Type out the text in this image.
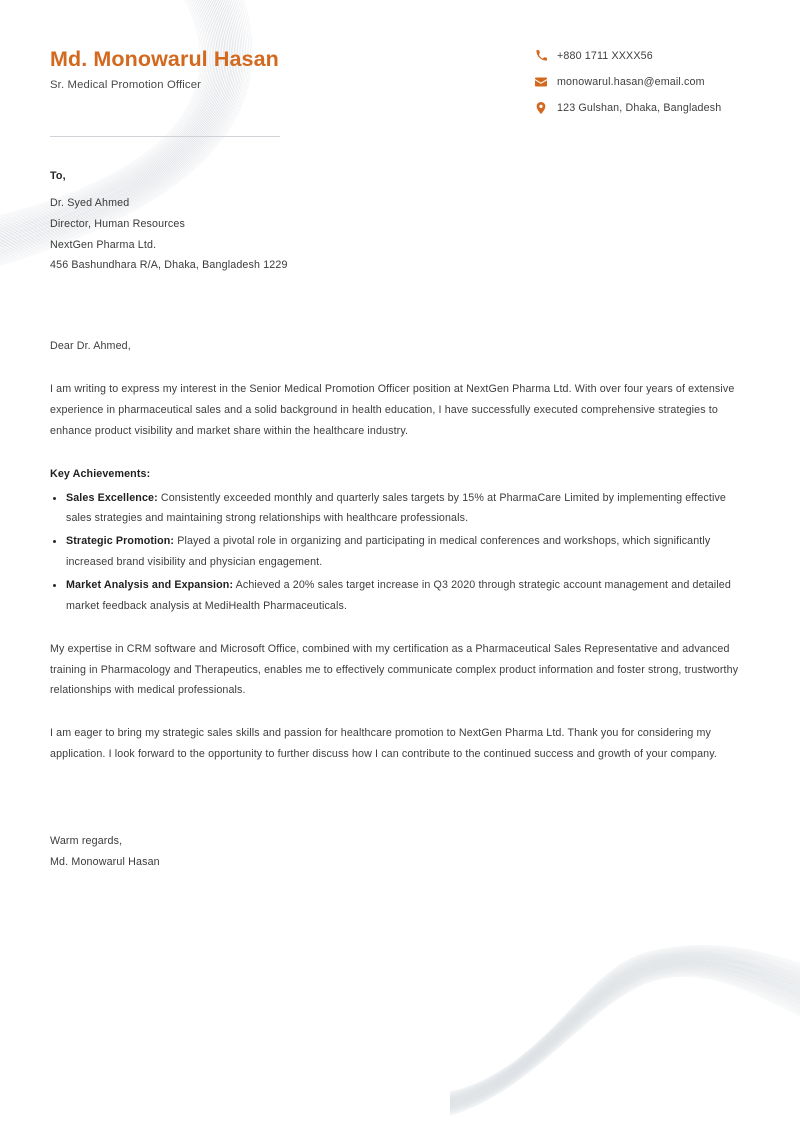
Md. Monowarul Hasan
Sr. Medical Promotion Officer
+880 1711 XXXX56
monowarul.hasan@email.com
123 Gulshan, Dhaka, Bangladesh
To,
Dr. Syed Ahmed
Director, Human Resources
NextGen Pharma Ltd.
456 Bashundhara R/A, Dhaka, Bangladesh 1229
Dear Dr. Ahmed,

I am writing to express my interest in the Senior Medical Promotion Officer position at NextGen Pharma Ltd. With over four years of extensive experience in pharmaceutical sales and a solid background in health education, I have successfully executed comprehensive strategies to enhance product visibility and market share within the healthcare industry.

Key Achievements:
Sales Excellence: Consistently exceeded monthly and quarterly sales targets by 15% at PharmaCare Limited by implementing effective sales strategies and maintaining strong relationships with healthcare professionals.
Strategic Promotion: Played a pivotal role in organizing and participating in medical conferences and workshops, which significantly increased brand visibility and physician engagement.
Market Analysis and Expansion: Achieved a 20% sales target increase in Q3 2020 through strategic account management and detailed market feedback analysis at MediHealth Pharmaceuticals.

My expertise in CRM software and Microsoft Office, combined with my certification as a Pharmaceutical Sales Representative and advanced training in Pharmacology and Therapeutics, enables me to effectively communicate complex product information and foster strong, trustworthy relationships with medical professionals.

I am eager to bring my strategic sales skills and passion for healthcare promotion to NextGen Pharma Ltd. Thank you for considering my application. I look forward to the opportunity to further discuss how I can contribute to the continued success and growth of your company.

Warm regards,
Md. Monowarul Hasan
